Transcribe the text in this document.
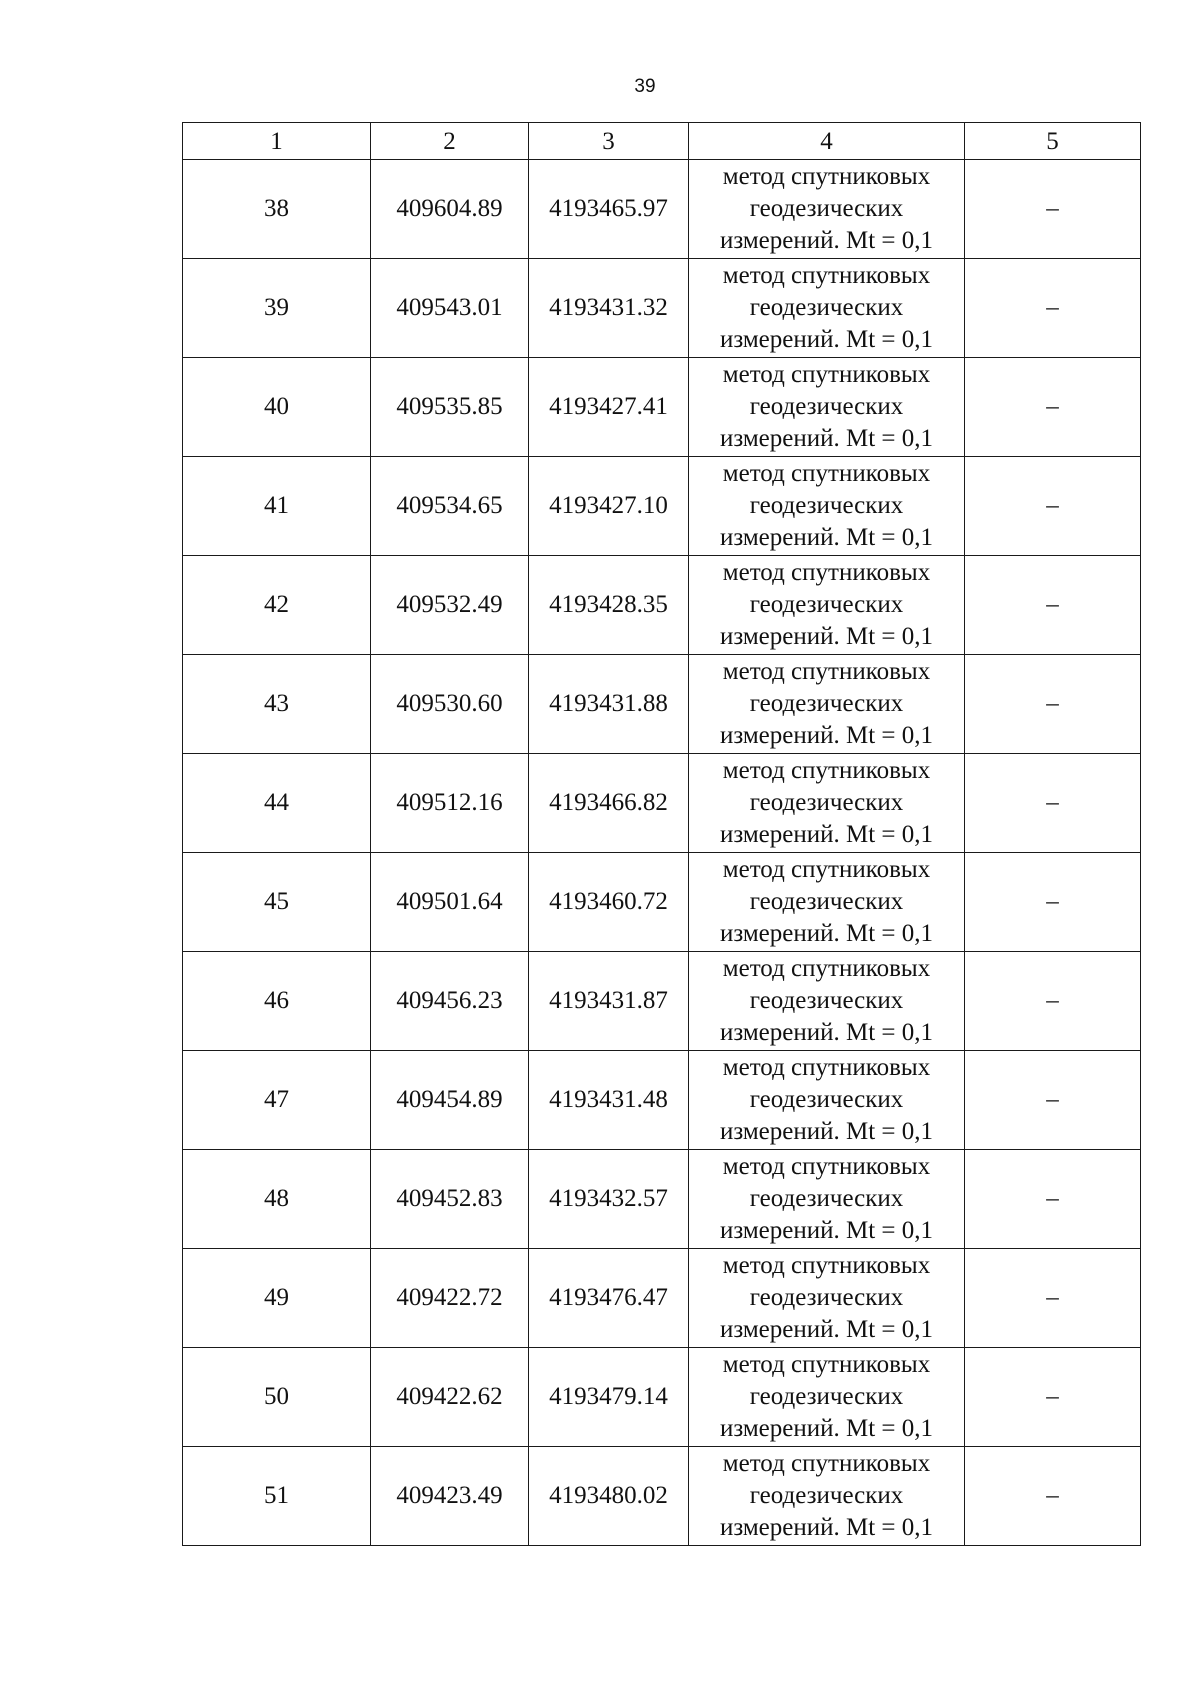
39
1	2	3	4	5
38	409604.89	4193465.97	метод спутниковых
геодезических
измерений. Mt = 0,1	–
39	409543.01	4193431.32	метод спутниковых
геодезических
измерений. Mt = 0,1	–
40	409535.85	4193427.41	метод спутниковых
геодезических
измерений. Mt = 0,1	–
41	409534.65	4193427.10	метод спутниковых
геодезических
измерений. Mt = 0,1	–
42	409532.49	4193428.35	метод спутниковых
геодезических
измерений. Mt = 0,1	–
43	409530.60	4193431.88	метод спутниковых
геодезических
измерений. Mt = 0,1	–
44	409512.16	4193466.82	метод спутниковых
геодезических
измерений. Mt = 0,1	–
45	409501.64	4193460.72	метод спутниковых
геодезических
измерений. Mt = 0,1	–
46	409456.23	4193431.87	метод спутниковых
геодезических
измерений. Mt = 0,1	–
47	409454.89	4193431.48	метод спутниковых
геодезических
измерений. Mt = 0,1	–
48	409452.83	4193432.57	метод спутниковых
геодезических
измерений. Mt = 0,1	–
49	409422.72	4193476.47	метод спутниковых
геодезических
измерений. Mt = 0,1	–
50	409422.62	4193479.14	метод спутниковых
геодезических
измерений. Mt = 0,1	–
51	409423.49	4193480.02	метод спутниковых
геодезических
измерений. Mt = 0,1	–
